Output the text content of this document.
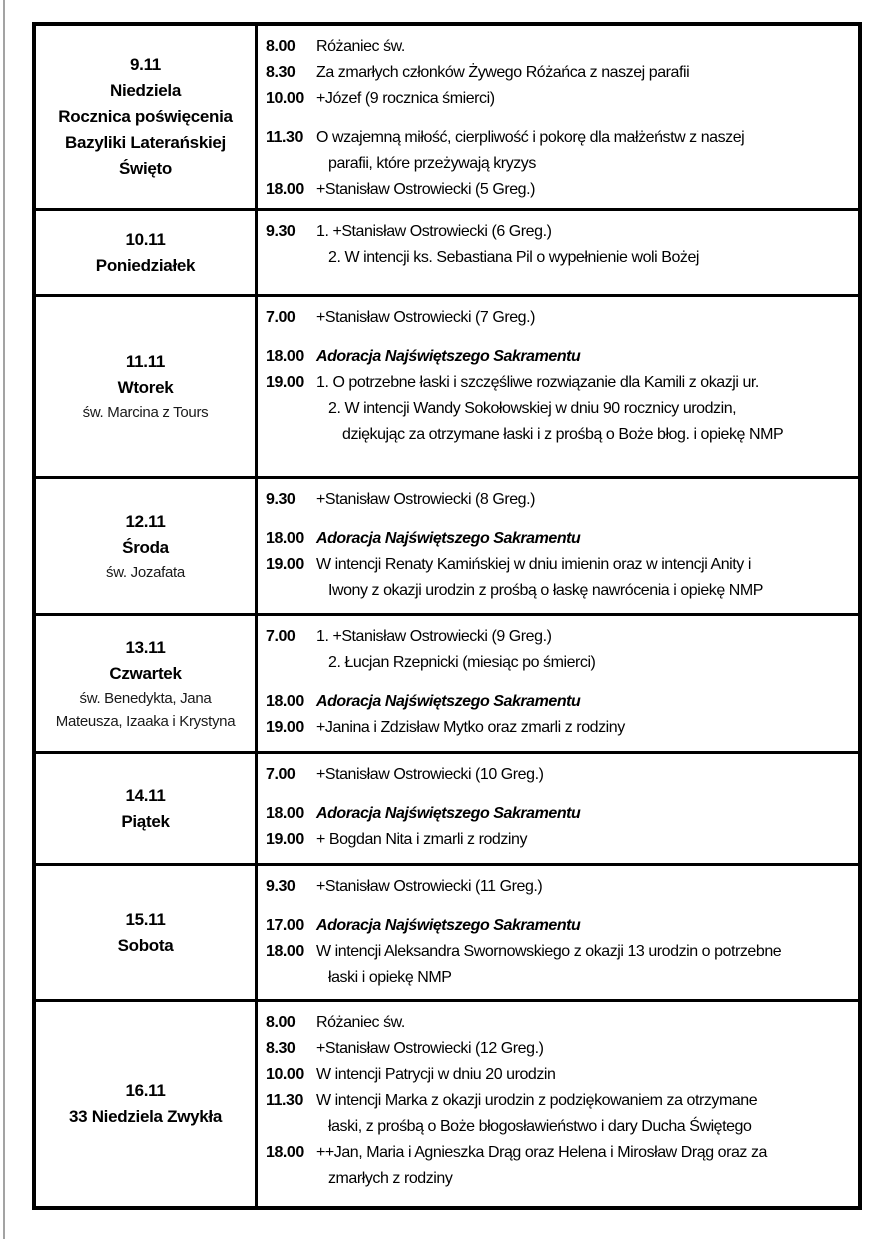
9.11
Niedziela
Rocznica poświęcenia
Bazyliki Laterańskiej
Święto
8.00	Różaniec św.
8.30	Za zmarłych członków Żywego Różańca z naszej parafii
10.00 +Józef (9 rocznica śmierci)
11.30 O wzajemną miłość, cierpliwość i pokorę dla małżeństw z naszej
parafii, które przeżywają kryzys
18.00 +Stanisław Ostrowiecki (5 Greg.)
10.11
Poniedziałek
9.30	1. +Stanisław Ostrowiecki (6 Greg.)
2. W intencji ks. Sebastiana Pil o wypełnienie woli Bożej
11.11
Wtorek
św. Marcina z Tours
7.00	+Stanisław Ostrowiecki (7 Greg.)
18.00 Adoracja Najświętszego Sakramentu
19.00 1. O potrzebne łaski i szczęśliwe rozwiązanie dla Kamili z okazji ur.
2. W intencji Wandy Sokołowskiej w dniu 90 rocznicy urodzin,
dziękując za otrzymane łaski i z prośbą o Boże błog. i opiekę NMP
12.11
Środa
św. Jozafata
9.30	+Stanisław Ostrowiecki (8 Greg.)
18.00 Adoracja Najświętszego Sakramentu
19.00 W intencji Renaty Kamińskiej w dniu imienin oraz w intencji Anity i
Iwony z okazji urodzin z prośbą o łaskę nawrócenia i opiekę NMP
13.11
Czwartek
św. Benedykta, Jana
Mateusza, Izaaka i Krystyna
7.00	1. +Stanisław Ostrowiecki (9 Greg.)
2. Łucjan Rzepnicki (miesiąc po śmierci)
18.00 Adoracja Najświętszego Sakramentu
19.00 +Janina i Zdzisław Mytko oraz zmarli z rodziny
14.11
Piątek
7.00	+Stanisław Ostrowiecki (10 Greg.)
18.00 Adoracja Najświętszego Sakramentu
19.00 + Bogdan Nita i zmarli z rodziny
15.11
Sobota
9.30	+Stanisław Ostrowiecki (11 Greg.)
17.00 Adoracja Najświętszego Sakramentu
18.00 W intencji Aleksandra Swornowskiego z okazji 13 urodzin o potrzebne
łaski i opiekę NMP
16.11
33 Niedziela Zwykła
8.00	Różaniec św.
8.30	+Stanisław Ostrowiecki (12 Greg.)
10.00 W intencji Patrycji w dniu 20 urodzin
11.30 W intencji Marka z okazji urodzin z podziękowaniem za otrzymane
łaski, z prośbą o Boże błogosławieństwo i dary Ducha Świętego
18.00 ++Jan, Maria i Agnieszka Drąg oraz Helena i Mirosław Drąg oraz za
zmarłych z rodziny
